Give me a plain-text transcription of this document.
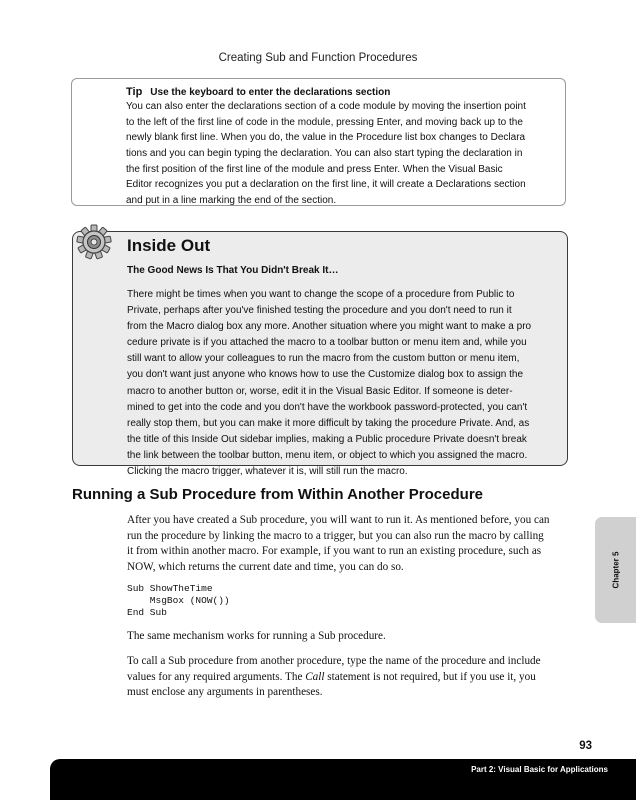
Creating Sub and Function Procedures
Tip Use the keyboard to enter the declarations section
You can also enter the declarations section of a code module by moving the insertion point
to the left of the first line of code in the module, pressing Enter, and moving back up to the
newly blank first line. When you do, the value in the Procedure list box changes to Declara
tions and you can begin typing the declaration. You can also start typing the declaration in
the first position of the first line of the module and press Enter. When the Visual Basic
Editor recognizes you put a declaration on the first line, it will create a Declarations section
and put in a line marking the end of the section.
Inside Out
The Good News Is That You Didn't Break It…
There might be times when you want to change the scope of a procedure from Public to
Private, perhaps after you've finished testing the procedure and you don't need to run it
from the Macro dialog box any more. Another situation where you might want to make a pro
cedure private is if you attached the macro to a toolbar button or menu item and, while you
still want to allow your colleagues to run the macro from the custom button or menu item,
you don't want just anyone who knows how to use the Customize dialog box to assign the
macro to another button or, worse, edit it in the Visual Basic Editor. If someone is deter-
mined to get into the code and you don't have the workbook password-protected, you can't
really stop them, but you can make it more difficult by taking the procedure Private. And, as
the title of this Inside Out sidebar implies, making a Public procedure Private doesn't break
the link between the toolbar button, menu item, or object to which you assigned the macro.
Clicking the macro trigger, whatever it is, will still run the macro.
Running a Sub Procedure from Within Another Procedure
After you have created a Sub procedure, you will want to run it. As mentioned before, you can
run the procedure by linking the macro to a trigger, but you can also run the macro by calling
it from within another macro. For example, if you want to run an existing procedure, such as
NOW, which returns the current date and time, you can do so.
Sub ShowTheTime
MsgBox (NOW())
End Sub
The same mechanism works for running a Sub procedure.
To call a Sub procedure from another procedure, type the name of the procedure and include
values for any required arguments. The Call statement is not required, but if you use it, you
must enclose any arguments in parentheses.
Chapter 5
93
Part 2: Visual Basic for Applications
